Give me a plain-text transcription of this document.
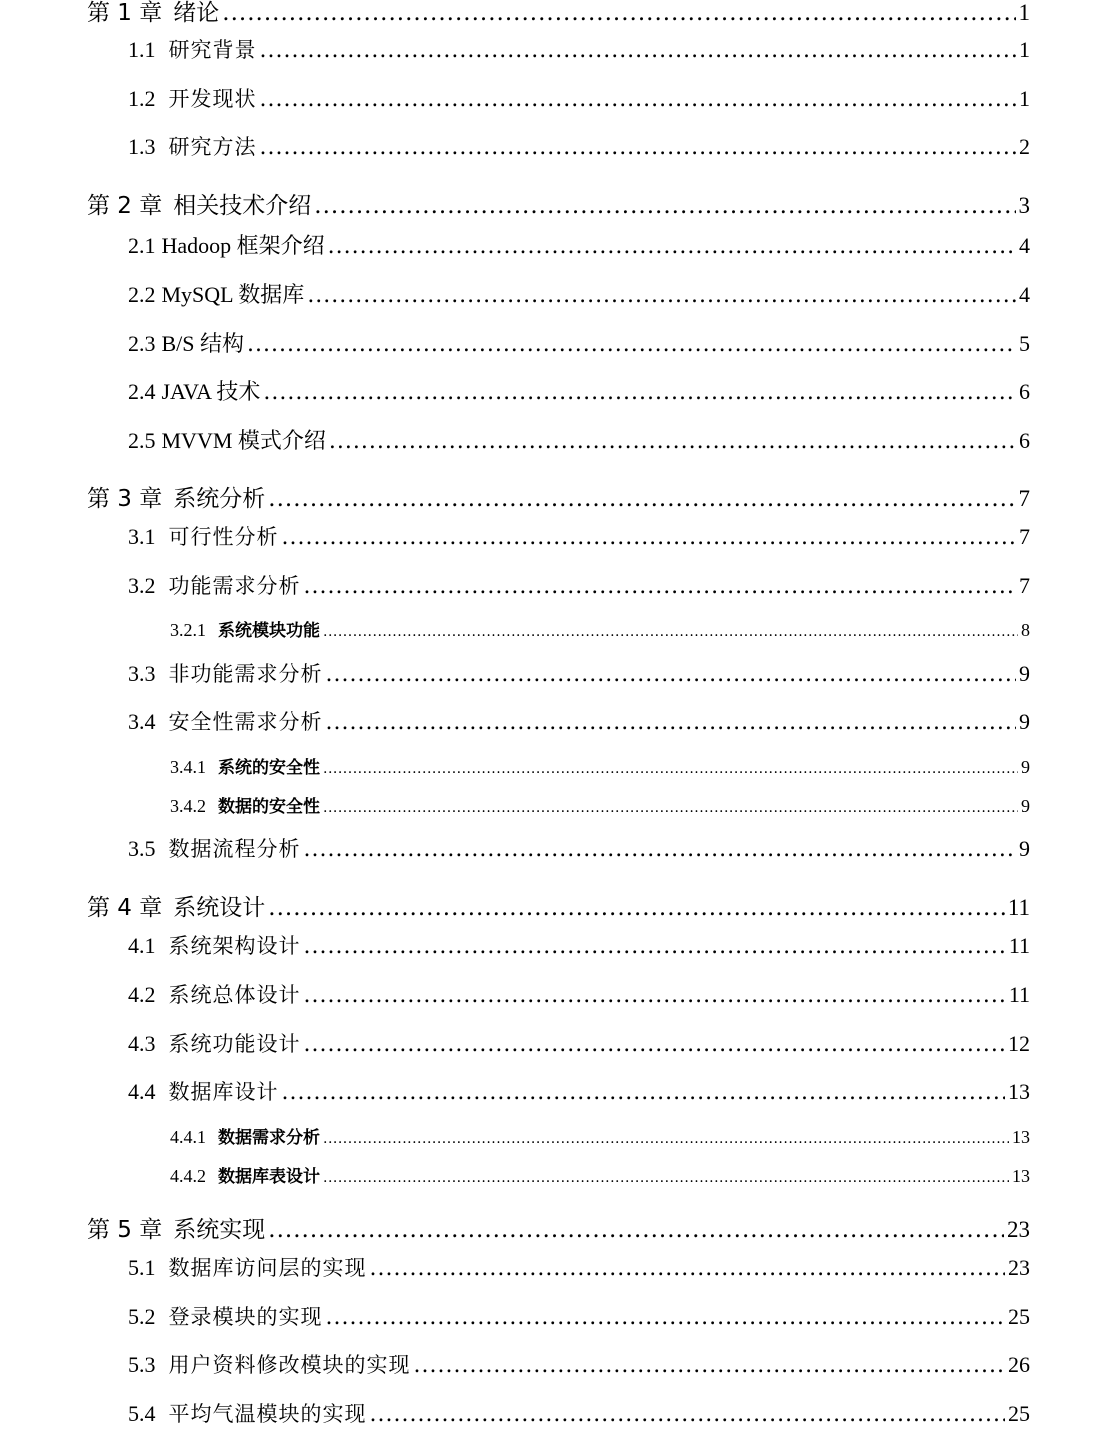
第 1 章 绪论 .....	1
1.1 研究背景 .....	1
1.2 开发现状 .....	1
1.3 研究方法 .....	2
第 2 章 相关技术介绍 .....	3
2.1 Hadoop 框架介绍 .....	4
2.2 MySQL 数据库 .....	4
2.3 B/S 结构 .....	5
2.4 JAVA 技术 .....	6
2.5 MVVM 模式介绍 .....	6
第 3 章 系统分析 .....	7
3.1 可行性分析 .....	7
3.2 功能需求分析 .....	7
3.2.1 系统模块功能 .....	8
3.3 非功能需求分析 .....	9
3.4 安全性需求分析 .....	9
3.4.1 系统的安全性 .....	9
3.4.2 数据的安全性 .....	9
3.5 数据流程分析 .....	9
第 4 章 系统设计 .....	11
4.1 系统架构设计 .....	11
4.2 系统总体设计 .....	11
4.3 系统功能设计 .....	12
4.4 数据库设计 .....	13
4.4.1 数据需求分析 .....	13
4.4.2 数据库表设计 .....	13
第 5 章 系统实现 .....	23
5.1 数据库访问层的实现 .....	23
5.2 登录模块的实现 .....	25
5.3 用户资料修改模块的实现 .....	26
5.4 平均气温模块的实现 .....	25
